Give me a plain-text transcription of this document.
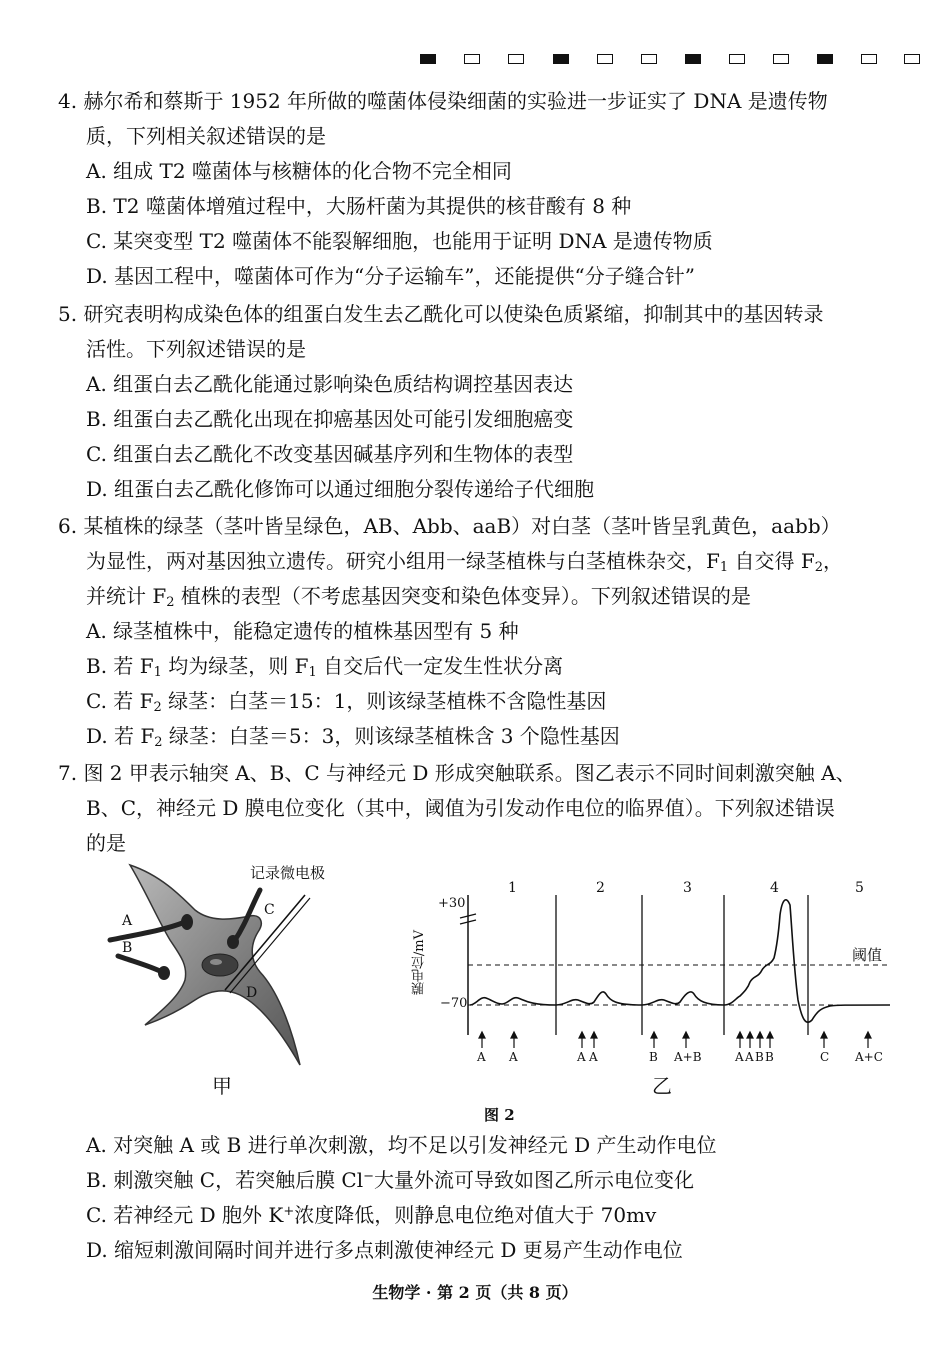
4. 赫尔希和蔡斯于 1952 年所做的噬菌体侵染细菌的实验进一步证实了 DNA 是遗传物
质，下列相关叙述错误的是
A. 组成 T2 噬菌体与核糖体的化合物不完全相同
B. T2 噬菌体增殖过程中，大肠杆菌为其提供的核苷酸有 8 种
C. 某突变型 T2 噬菌体不能裂解细胞，也能用于证明 DNA 是遗传物质
D. 基因工程中，噬菌体可作为“分子运输车”，还能提供“分子缝合针”
5. 研究表明构成染色体的组蛋白发生去乙酰化可以使染色质紧缩，抑制其中的基因转录
活性。下列叙述错误的是
A. 组蛋白去乙酰化能通过影响染色质结构调控基因表达
B. 组蛋白去乙酰化出现在抑癌基因处可能引发细胞癌变
C. 组蛋白去乙酰化不改变基因碱基序列和生物体的表型
D. 组蛋白去乙酰化修饰可以通过细胞分裂传递给子代细胞
6. 某植株的绿茎（茎叶皆呈绿色，AB、Abb、aaB）对白茎（茎叶皆呈乳黄色，aabb）
为显性，两对基因独立遗传。研究小组用一绿茎植株与白茎植株杂交，$F_1$ 自交得 $F_2$，
并统计 $F_2$ 植株的表型（不考虑基因突变和染色体变异）。下列叙述错误的是
A. 绿茎植株中，能稳定遗传的植株基因型有 5 种
B. 若 $F_1$ 均为绿茎，则 $F_1$ 自交后代一定发生性状分离
C. 若 $F_2$ 绿茎：白茎＝15：1，则该绿茎植株不含隐性基因
D. 若 $F_2$ 绿茎：白茎＝5：3，则该绿茎植株含 3 个隐性基因
7. 图 2 甲表示轴突 A、B、C 与神经元 D 形成突触联系。图乙表示不同时间刺激突触 A、
B、C，神经元 D 膜电位变化（其中，阈值为引发动作电位的临界值）。下列叙述错误
的是
记录微电极
A
B
C
D
甲
1	2	3	4	5
+30
−70
膜电位/mV	阈值
A A	A A	B A+B	A A B B	C A+C
乙
图 2
A. 对突触 A 或 B 进行单次刺激，均不足以引发神经元 D 产生动作电位
B. 刺激突触 C，若突触后膜 Cl−大量外流可导致如图乙所示电位变化
C. 若神经元 D 胞外 K+浓度降低，则静息电位绝对值大于 70mv
D. 缩短刺激间隔时间并进行多点刺激使神经元 D 更易产生动作电位
生物学 · 第 2 页（共 8 页）
